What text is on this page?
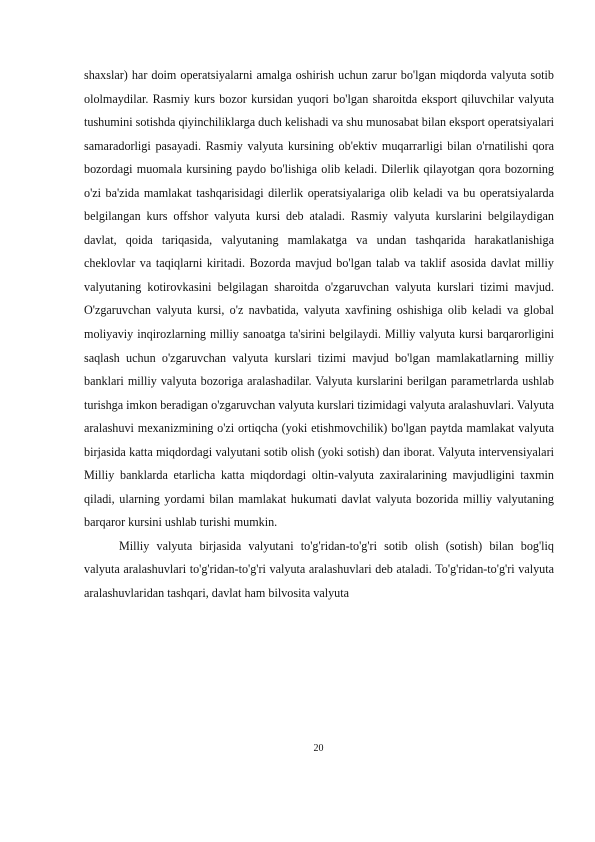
shaxslar) har doim operatsiyalarni amalga oshirish uchun zarur bo'lgan miqdorda valyuta sotib ololmaydilar. Rasmiy kurs bozor kursidan yuqori bo'lgan sharoitda eksport qiluvchilar valyuta tushumini sotishda qiyinchiliklarga duch kelishadi va shu munosabat bilan eksport operatsiyalari samaradorligi pasayadi. Rasmiy valyuta kursining ob'ektiv muqarrarligi bilan o'rnatilishi qora bozordagi muomala kursining paydo bo'lishiga olib keladi. Dilerlik qilayotgan qora bozorning o'zi ba'zida mamlakat tashqarisidagi dilerlik operatsiyalariga olib keladi va bu operatsiyalarda belgilangan kurs offshor valyuta kursi deb ataladi. Rasmiy valyuta kurslarini belgilaydigan davlat, qoida tariqasida, valyutaning mamlakatga va undan tashqarida harakatlanishiga cheklovlar va taqiqlarni kiritadi. Bozorda mavjud bo'lgan talab va taklif asosida davlat milliy valyutaning kotirovkasini belgilagan sharoitda o'zgaruvchan valyuta kurslari tizimi mavjud. O'zgaruvchan valyuta kursi, o'z navbatida, valyuta xavfining oshishiga olib keladi va global moliyaviy inqirozlarning milliy sanoatga ta'sirini belgilaydi. Milliy valyuta kursi barqarorligini saqlash uchun o'zgaruvchan valyuta kurslari tizimi mavjud bo'lgan mamlakatlarning milliy banklari milliy valyuta bozoriga aralashadilar. Valyuta kurslarini berilgan parametrlarda ushlab turishga imkon beradigan o'zgaruvchan valyuta kurslari tizimidagi valyuta aralashuvlari. Valyuta aralashuvi mexanizmining o'zi ortiqcha (yoki etishmovchilik) bo'lgan paytda mamlakat valyuta birjasida katta miqdordagi valyutani sotib olish (yoki sotish) dan iborat. Valyuta intervensiyalari Milliy banklarda etarlicha katta miqdordagi oltin-valyuta zaxiralarining mavjudligini taxmin qiladi, ularning yordami bilan mamlakat hukumati davlat valyuta bozorida milliy valyutaning barqaror kursini ushlab turishi mumkin.

Milliy valyuta birjasida valyutani to'g'ridan-to'g'ri sotib olish (sotish) bilan bog'liq valyuta aralashuvlari to'g'ridan-to'g'ri valyuta aralashuvlari deb ataladi. To'g'ridan-to'g'ri valyuta aralashuvlaridan tashqari, davlat ham bilvosita valyuta

20
